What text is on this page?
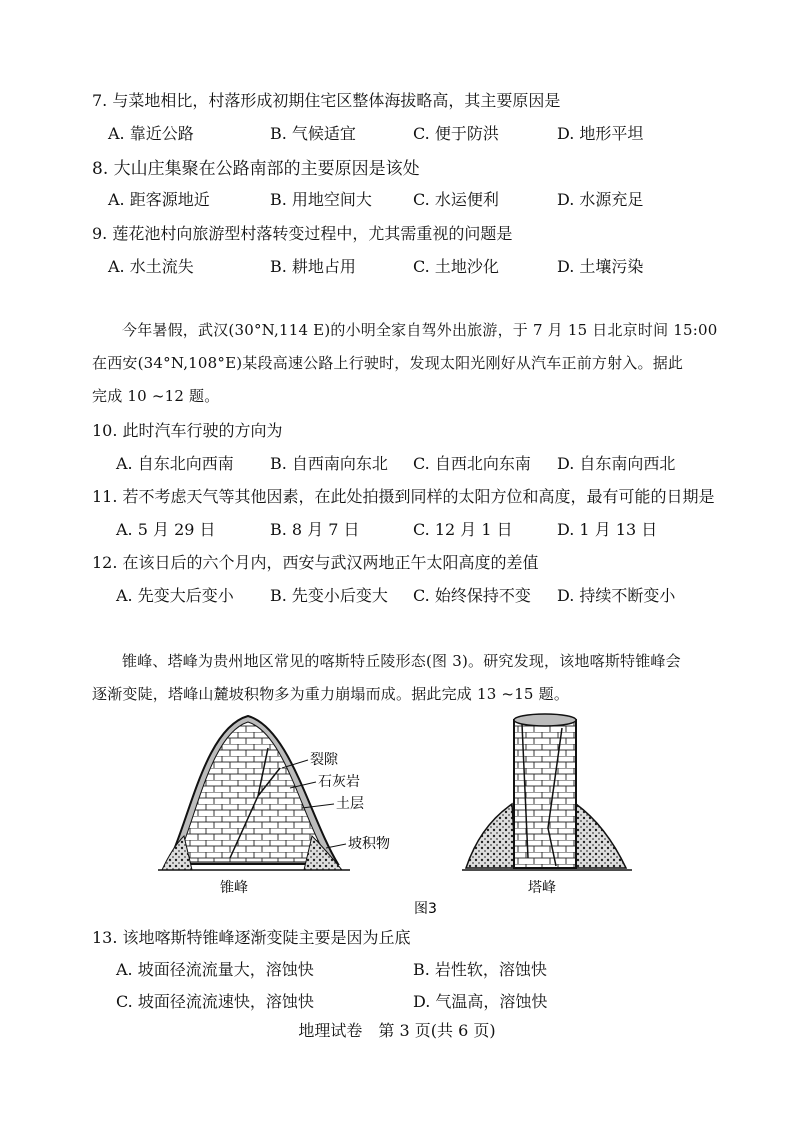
7. 与菜地相比，村落形成初期住宅区整体海拔略高，其主要原因是
A. 靠近公路	B. 气候适宜	C. 便于防洪	D. 地形平坦
8. 大山庄集聚在公路南部的主要原因是该处
A. 距客源地近	B. 用地空间大	C. 水运便利	D. 水源充足
9. 莲花池村向旅游型村落转变过程中，尤其需重视的问题是
A. 水土流失	B. 耕地占用	C. 土地沙化	D. 土壤污染
今年暑假，武汉(30°N,114 E)的小明全家自驾外出旅游，于 7 月 15 日北京时间 15:00
在西安(34°N,108°E)某段高速公路上行驶时，发现太阳光刚好从汽车正前方射入。据此
完成 10 ~12 题。
10. 此时汽车行驶的方向为
A. 自东北向西南 B. 自西南向东北 C. 自西北向东南 D. 自东南向西北
11. 若不考虑天气等其他因素，在此处拍摄到同样的太阳方位和高度，最有可能的日期是
A. 5 月 29 日	B. 8 月 7 日	C. 12 月 1 日	D. 1 月 13 日
12. 在该日后的六个月内，西安与武汉两地正午太阳高度的差值
A. 先变大后变小 B. 先变小后变大 C. 始终保持不变 D. 持续不断变小
锥峰、塔峰为贵州地区常见的喀斯特丘陵形态(图 3)。研究发现，该地喀斯特锥峰会
逐渐变陡，塔峰山麓坡积物多为重力崩塌而成。据此完成 13 ~15 题。
裂隙
石灰岩
土层
坡积物
锥峰	塔峰
图3
13. 该地喀斯特锥峰逐渐变陡主要是因为丘底
A. 坡面径流流量大，溶蚀快	B. 岩性软，溶蚀快
C. 坡面径流流速快，溶蚀快	D. 气温高，溶蚀快
地理试卷　第 3 页(共 6 页)
